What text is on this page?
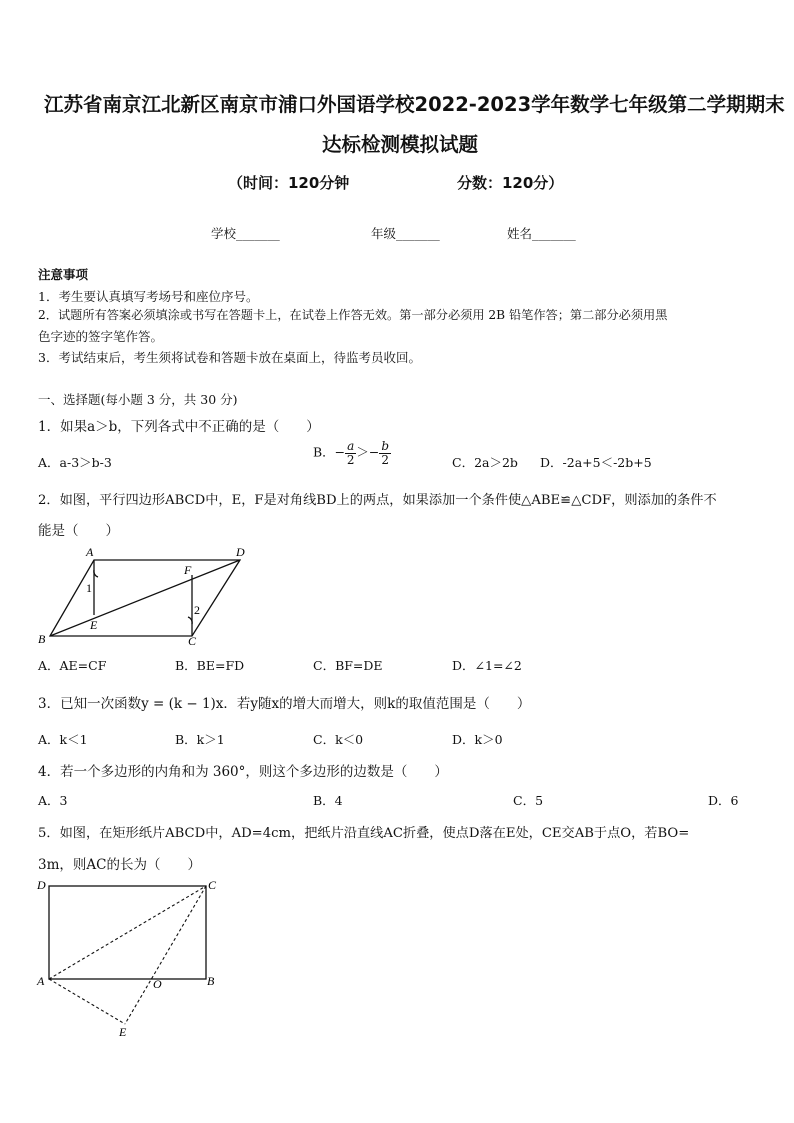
江苏省南京江北新区南京市浦口外国语学校2022-2023学年数学七年级第二学期期末
达标检测模拟试题
（时间：120分钟	分数：120分）
学校_______	年级_______	姓名_______
注意事项
1．考生要认真填写考场号和座位序号。
2．试题所有答案必须填涂或书写在答题卡上，在试卷上作答无效。第一部分必须用 2B 铅笔作答；第二部分必须用黑
色字迹的签字笔作答。
3．考试结束后，考生须将试卷和答题卡放在桌面上，待监考员收回。
一、选择题(每小题 3 分，共 30 分)
1．如果a＞b，下列各式中不正确的是（　　）
A．a-3＞b-3
B．− $\frac{a}{2} >- \frac{b}{2}$	C．2a＞2b D．-2a+5＜-2b+5
2．如图，平行四边形ABCD中，E，F是对角线BD上的两点，如果添加一个条件使△ABE≌△CDF，则添加的条件不
能是（　　）
A	D
F
1
2
B
E
C
A．AE=CF	B．BE=FD	C．BF=DE	D．∠1=∠2
3．已知一次函数y = (k − 1)x．若y随x的增大而增大，则k的取值范围是（　　）
A．k＜1	B．k＞1	C．k＜0	D．k＞0
4．若一个多边形的内角和为 360°，则这个多边形的边数是（　　）
A．3	B．4	C．5	D．6
5．如图，在矩形纸片ABCD中，AD=4cm，把纸片沿直线AC折叠，使点D落在E处，CE交AB于点O，若BO=
3m，则AC的长为（　　）
D	C
A	O	B
E
